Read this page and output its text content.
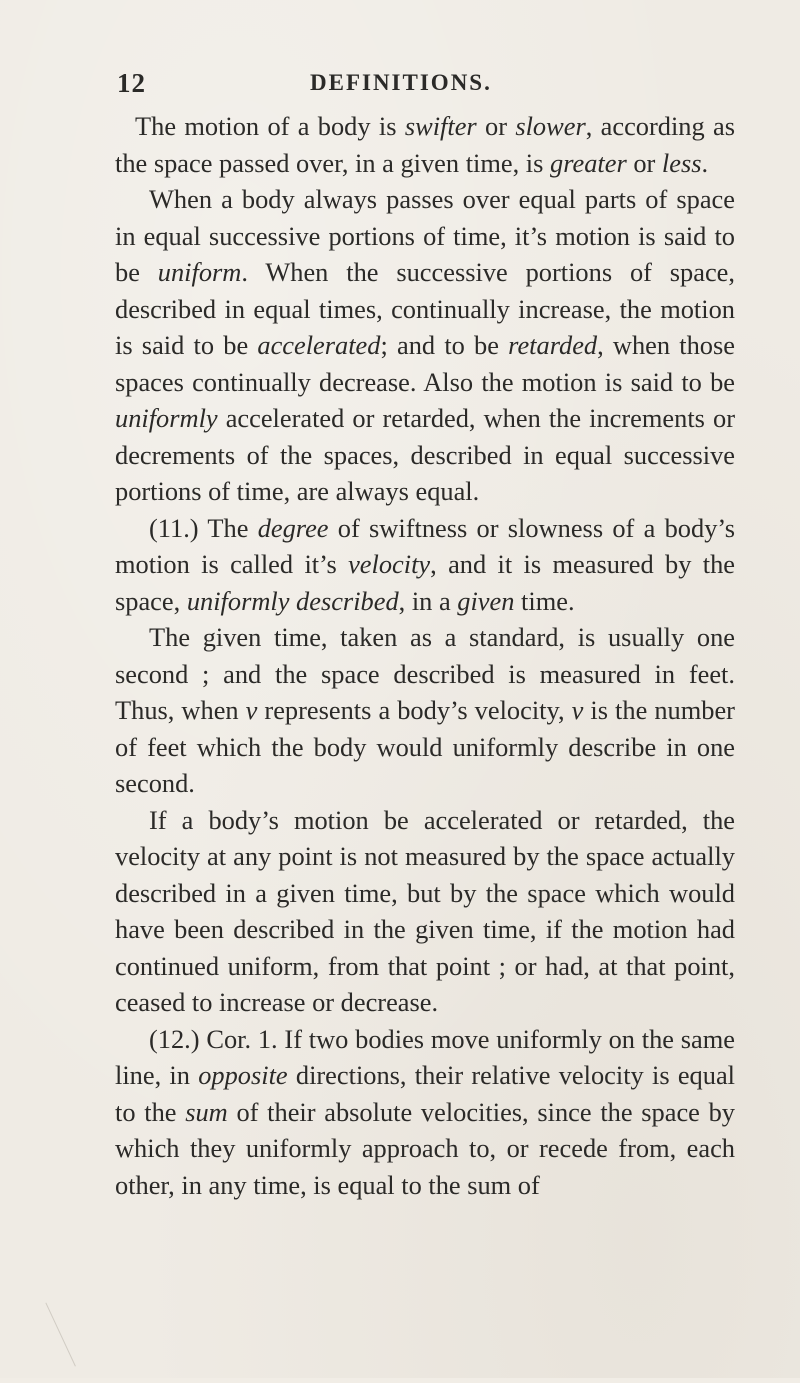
12	DEFINITIONS.

The motion of a body is swifter or slower, according as the space passed over, in a given time, is greater or less.

When a body always passes over equal parts of space in equal successive portions of time, it’s motion is said to be uniform. When the successive portions of space, described in equal times, continually increase, the motion is said to be accelerated; and to be retarded, when those spaces continually decrease. Also the motion is said to be uniformly accelerated or retarded, when the increments or decrements of the spaces, described in equal successive portions of time, are always equal.

(11.) The degree of swiftness or slowness of a body’s motion is called it’s velocity, and it is measured by the space, uniformly described, in a given time.

The given time, taken as a standard, is usually one second ; and the space described is measured in feet. Thus, when v represents a body’s velocity, v is the number of feet which the body would uniformly describe in one second.

If a body’s motion be accelerated or retarded, the velocity at any point is not measured by the space actually described in a given time, but by the space which would have been described in the given time, if the motion had continued uniform, from that point ; or had, at that point, ceased to increase or decrease.

(12.) Cor. 1. If two bodies move uniformly on the same line, in opposite directions, their relative velocity is equal to the sum of their absolute velocities, since the space by which they uniformly approach to, or recede from, each other, in any time, is equal to the sum of
